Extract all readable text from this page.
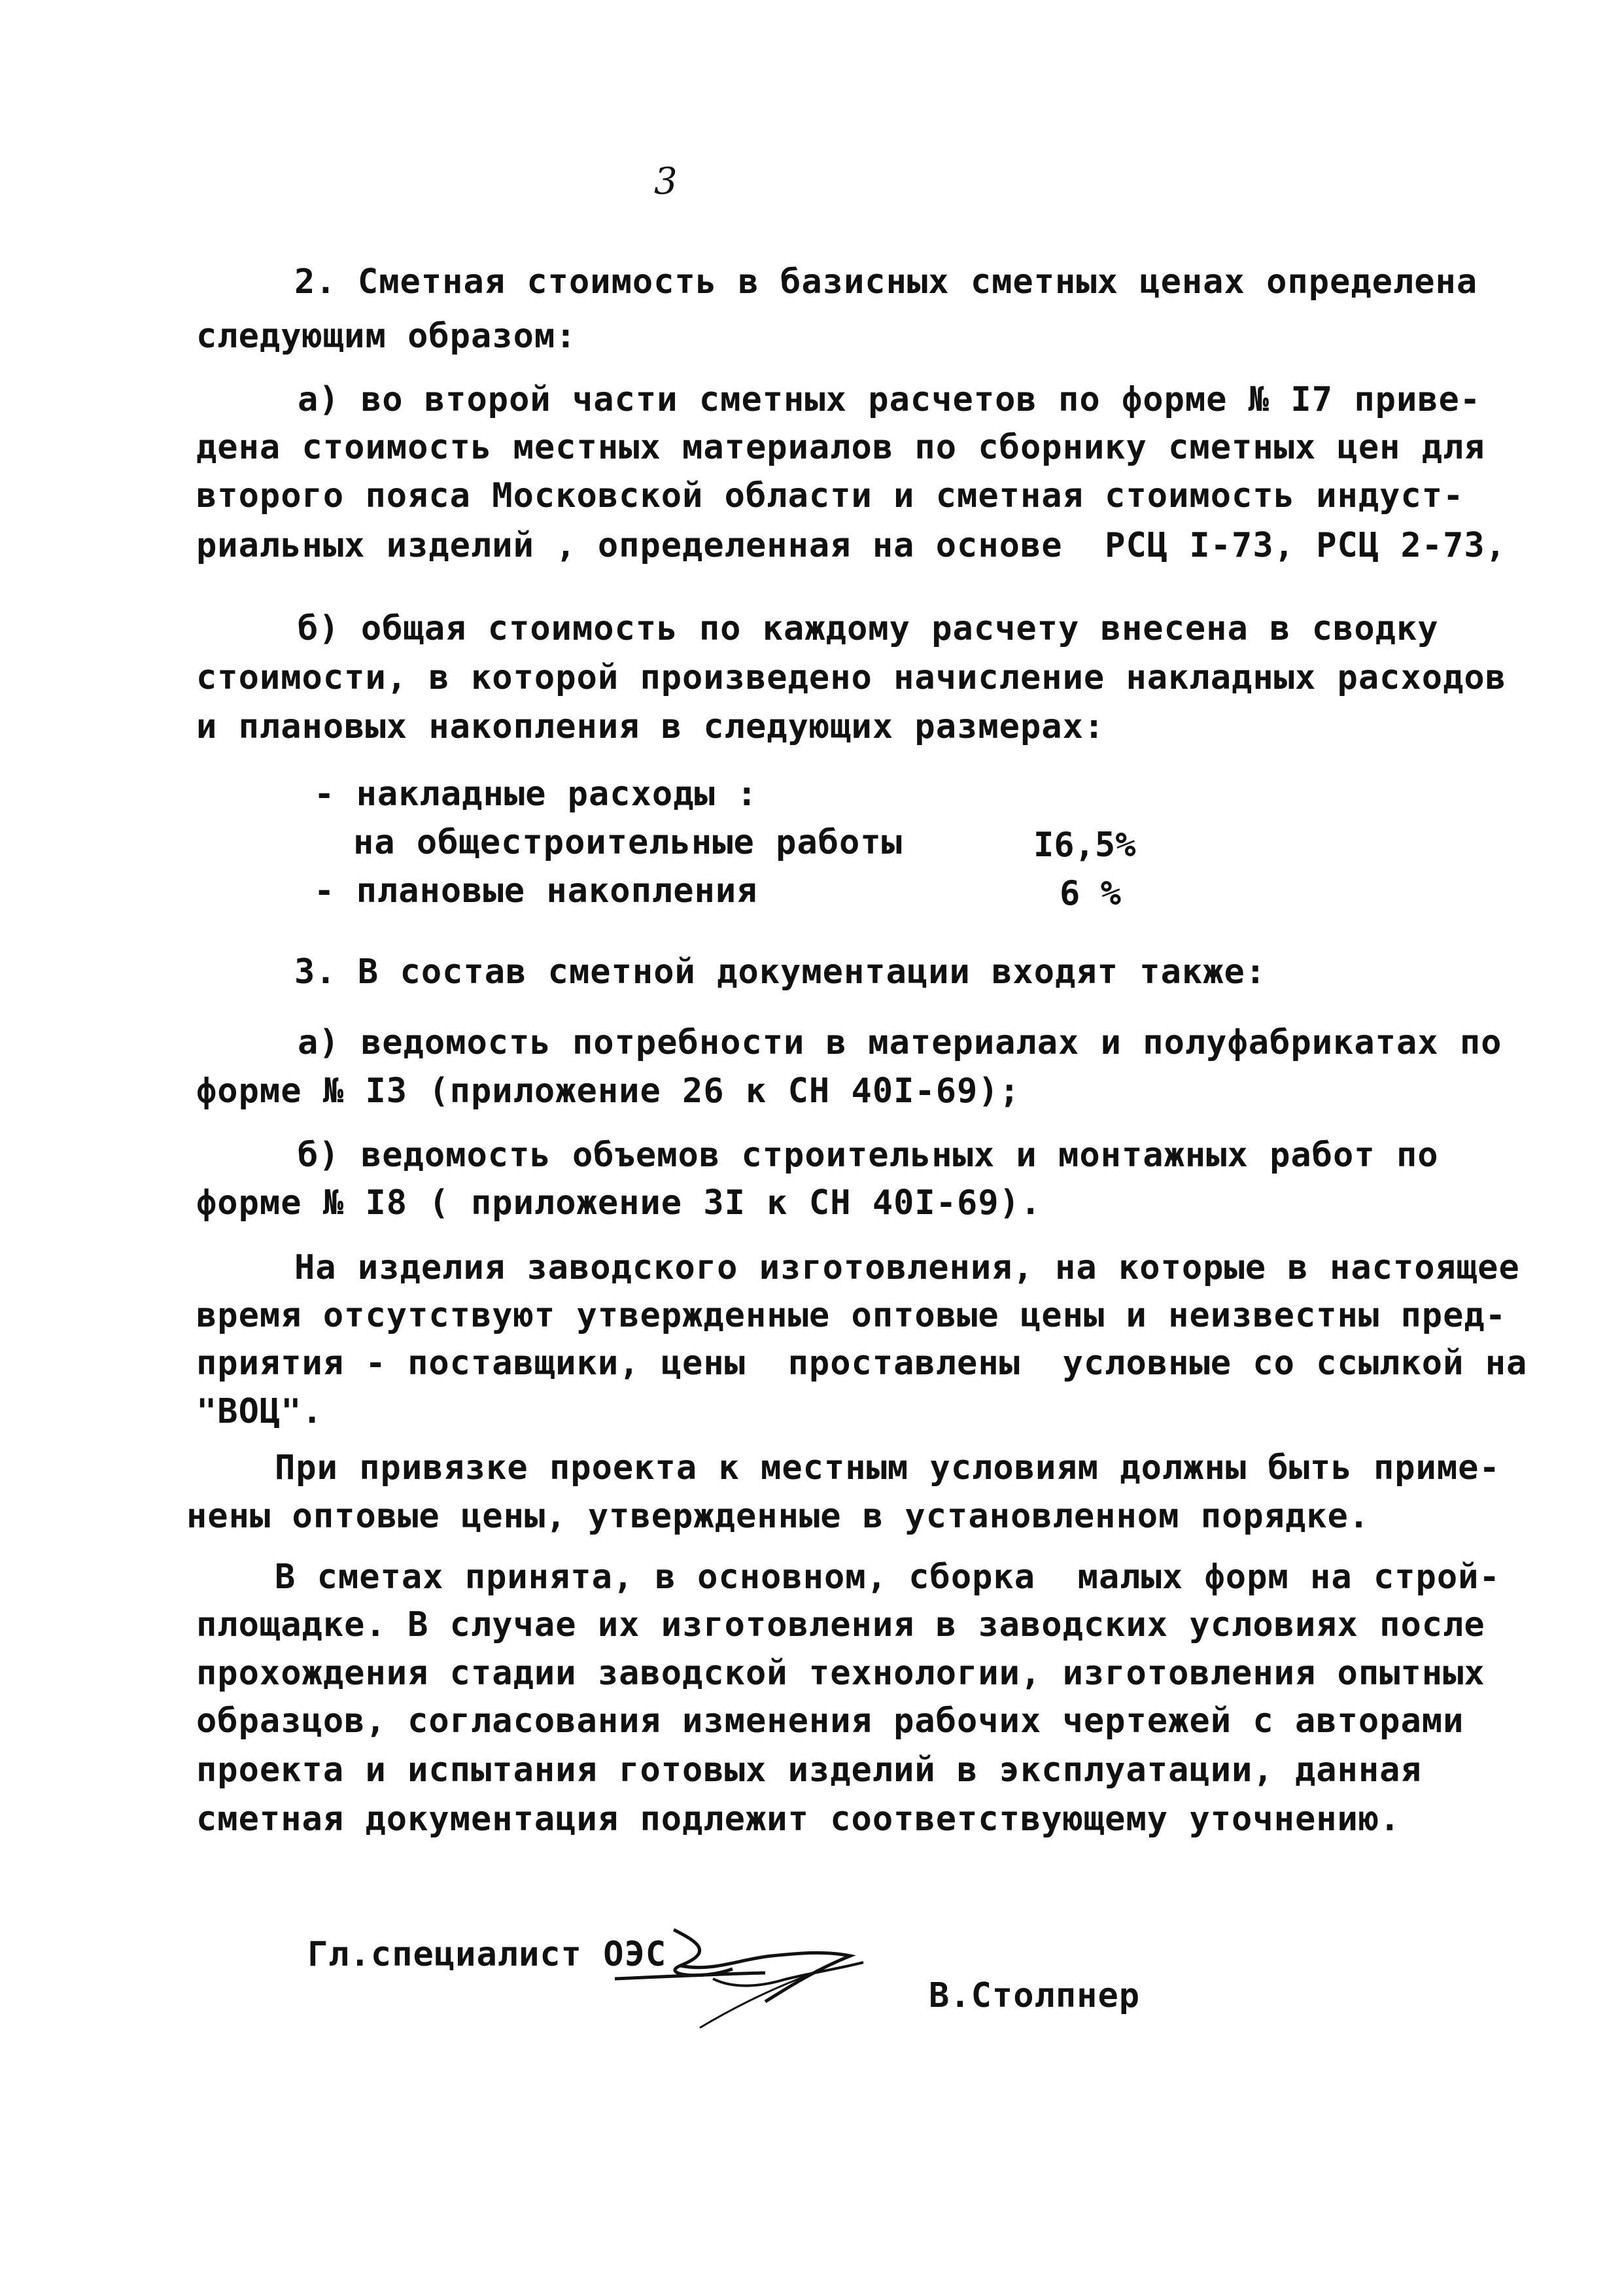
3
2. Сметная стоимость в базисных сметных ценах определена
следующим образом:
а) во второй части сметных расчетов по форме № I7 приве-
дена стоимость местных материалов по сборнику сметных цен для
второго пояса Московской области и сметная стоимость индуст-
риальных изделий , определенная на основе  РСЦ I-73, РСЦ 2-73,
б) общая стоимость по каждому расчету внесена в сводку
стоимости, в которой произведено начисление накладных расходов
и плановых накопления в следующих размерах:
- накладные расходы :
на общестроительные работы	I6,5%
- плановые накопления	6 %
3. В состав сметной документации входят также:
а) ведомость потребности в материалах и полуфабрикатах по
форме № I3 (приложение 26 к СН 40I-69);
б) ведомость объемов строительных и монтажных работ по
форме № I8 ( приложение 3I к СН 40I-69).
На изделия заводского изготовления, на которые в настоящее
время отсутствуют утвержденные оптовые цены и неизвестны пред-
приятия - поставщики, цены  проставлены  условные со ссылкой на
"ВОЦ".
При привязке проекта к местным условиям должны быть приме-
нены оптовые цены, утвержденные в установленном порядке.
В сметах принята, в основном, сборка  малых форм на строй-
площадке. В случае их изготовления в заводских условиях после
прохождения стадии заводской технологии, изготовления опытных
образцов, согласования изменения рабочих чертежей с авторами
проекта и испытания готовых изделий в эксплуатации, данная
сметная документация подлежит соответствующему уточнению.
Гл.специалист ОЭС
В.Столпнер
